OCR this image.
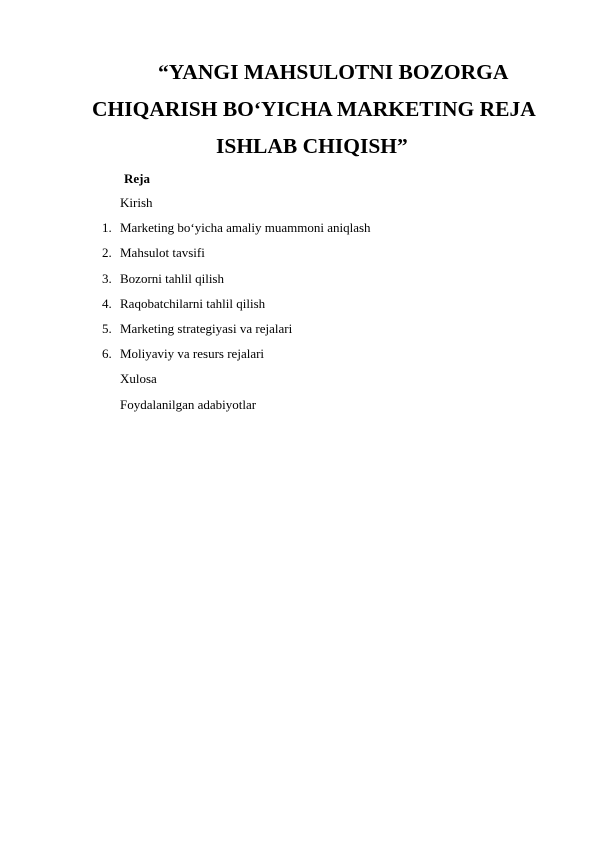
“YANGI MAHSULOTNI BOZORGA
CHIQARISH BO‘YICHA MARKETING REJA
ISHLAB CHIQISH”
Reja
Kirish
1. Marketing bo‘yicha amaliy muammoni aniqlash
2. Mahsulot tavsifi
3. Bozorni tahlil qilish
4. Raqobatchilarni tahlil qilish
5. Marketing strategiyasi va rejalari
6. Moliyaviy va resurs rejalari
Xulosa
Foydalanilgan adabiyotlar
